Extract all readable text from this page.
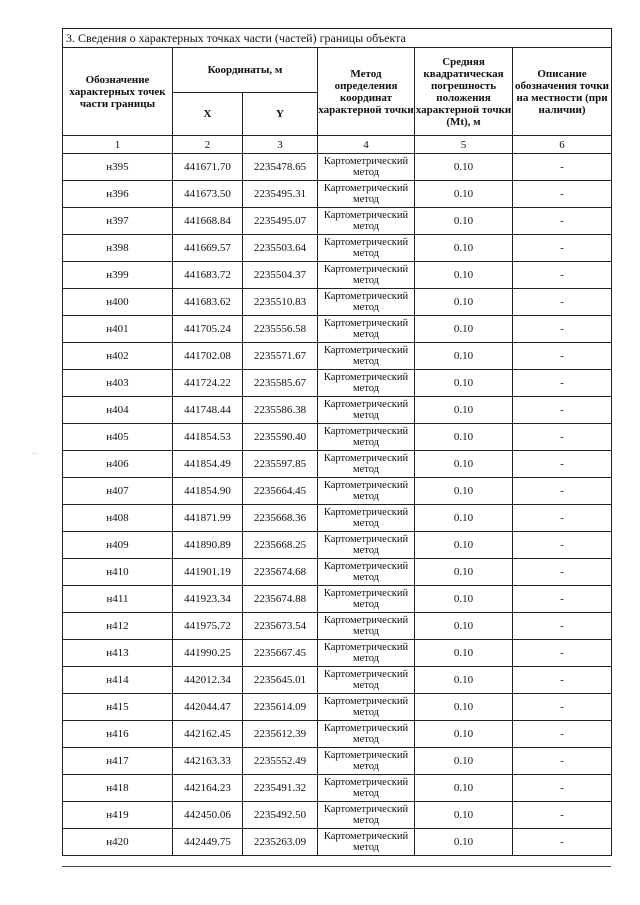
—
3. Сведения о характерных точках части (частей) границы объекта					
Обозначение характерных точек части границы	Координаты, м		Метод определения координат характерной точки	Средняя квадратическая погрешность положения характерной точки (Mt), м	Описание обозначения точки на местности (при наличии)
	X	Y			
1	2	3	4	5	6
н395	441671.70	2235478.65	Картометрический метод	0.10	-
н396	441673.50	2235495.31	Картометрический метод	0.10	-
н397	441668.84	2235495.07	Картометрический метод	0.10	-
н398	441669.57	2235503.64	Картометрический метод	0.10	-
н399	441683.72	2235504.37	Картометрический метод	0.10	-
н400	441683.62	2235510.83	Картометрический метод	0.10	-
н401	441705.24	2235556.58	Картометрический метод	0.10	-
н402	441702.08	2235571.67	Картометрический метод	0.10	-
н403	441724.22	2235585.67	Картометрический метод	0.10	-
н404	441748.44	2235586.38	Картометрический метод	0.10	-
н405	441854.53	2235590.40	Картометрический метод	0.10	-
н406	441854.49	2235597.85	Картометрический метод	0.10	-
н407	441854.90	2235664.45	Картометрический метод	0.10	-
н408	441871.99	2235668.36	Картометрический метод	0.10	-
н409	441890.89	2235668.25	Картометрический метод	0.10	-
н410	441901.19	2235674.68	Картометрический метод	0.10	-
н411	441923.34	2235674.88	Картометрический метод	0.10	-
н412	441975.72	2235673.54	Картометрический метод	0.10	-
н413	441990.25	2235667.45	Картометрический метод	0.10	-
н414	442012.34	2235645.01	Картометрический метод	0.10	-
н415	442044.47	2235614.09	Картометрический метод	0.10	-
н416	442162.45	2235612.39	Картометрический метод	0.10	-
н417	442163.33	2235552.49	Картометрический метод	0.10	-
н418	442164.23	2235491.32	Картометрический метод	0.10	-
н419	442450.06	2235492.50	Картометрический метод	0.10	-
н420	442449.75	2235263.09	Картометрический метод	0.10	-
